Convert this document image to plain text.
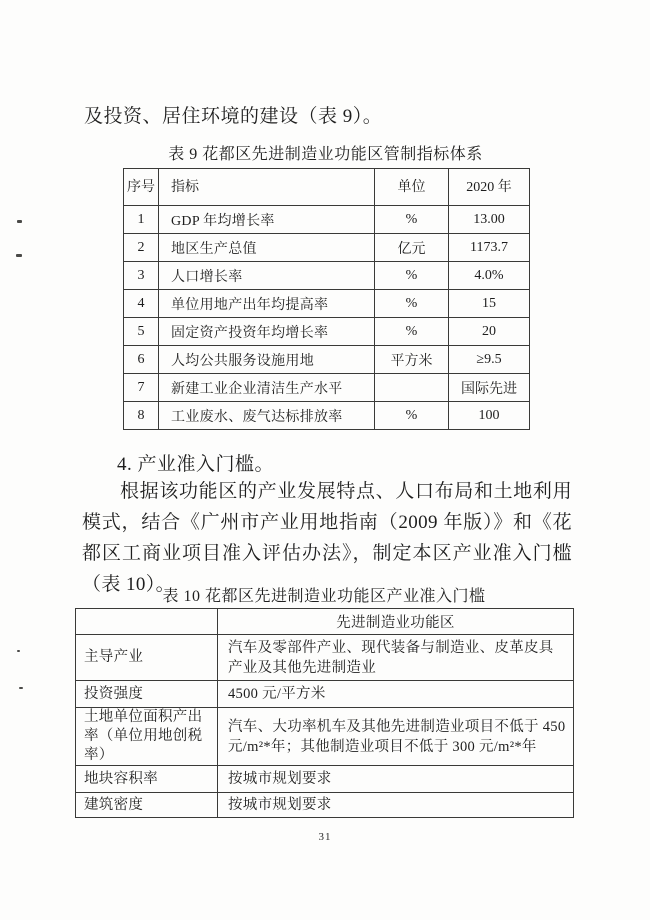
及投资、居住环境的建设（表 9）。

表 9 花都区先进制造业功能区管制指标体系

序号	指标	单位	2020 年
1	GDP 年均增长率	%	13.00
2	地区生产总值	亿元	1173.7
3	人口增长率	%	4.0%
4	单位用地产出年均提高率	%	15
5	固定资产投资年均增长率	%	20
6	人均公共服务设施用地	平方米	≥9.5
7	新建工业企业清洁生产水平		国际先进
8	工业废水、废气达标排放率	%	100

4. 产业准入门槛。

根据该功能区的产业发展特点、人口布局和土地利用模式，结合《广州市产业用地指南（2009 年版）》和《花都区工商业项目准入评估办法》，制定本区产业准入门槛（表 10）。

表 10 花都区先进制造业功能区产业准入门槛

	先进制造业功能区
主导产业	汽车及零部件产业、现代装备与制造业、皮革皮具产业及其他先进制造业
投资强度	4500 元/平方米
土地单位面积产出率（单位用地创税率）	汽车、大功率机车及其他先进制造业项目不低于 450 元/m²*年；其他制造业项目不低于 300 元/m²*年
地块容积率	按城市规划要求
建筑密度	按城市规划要求
31
